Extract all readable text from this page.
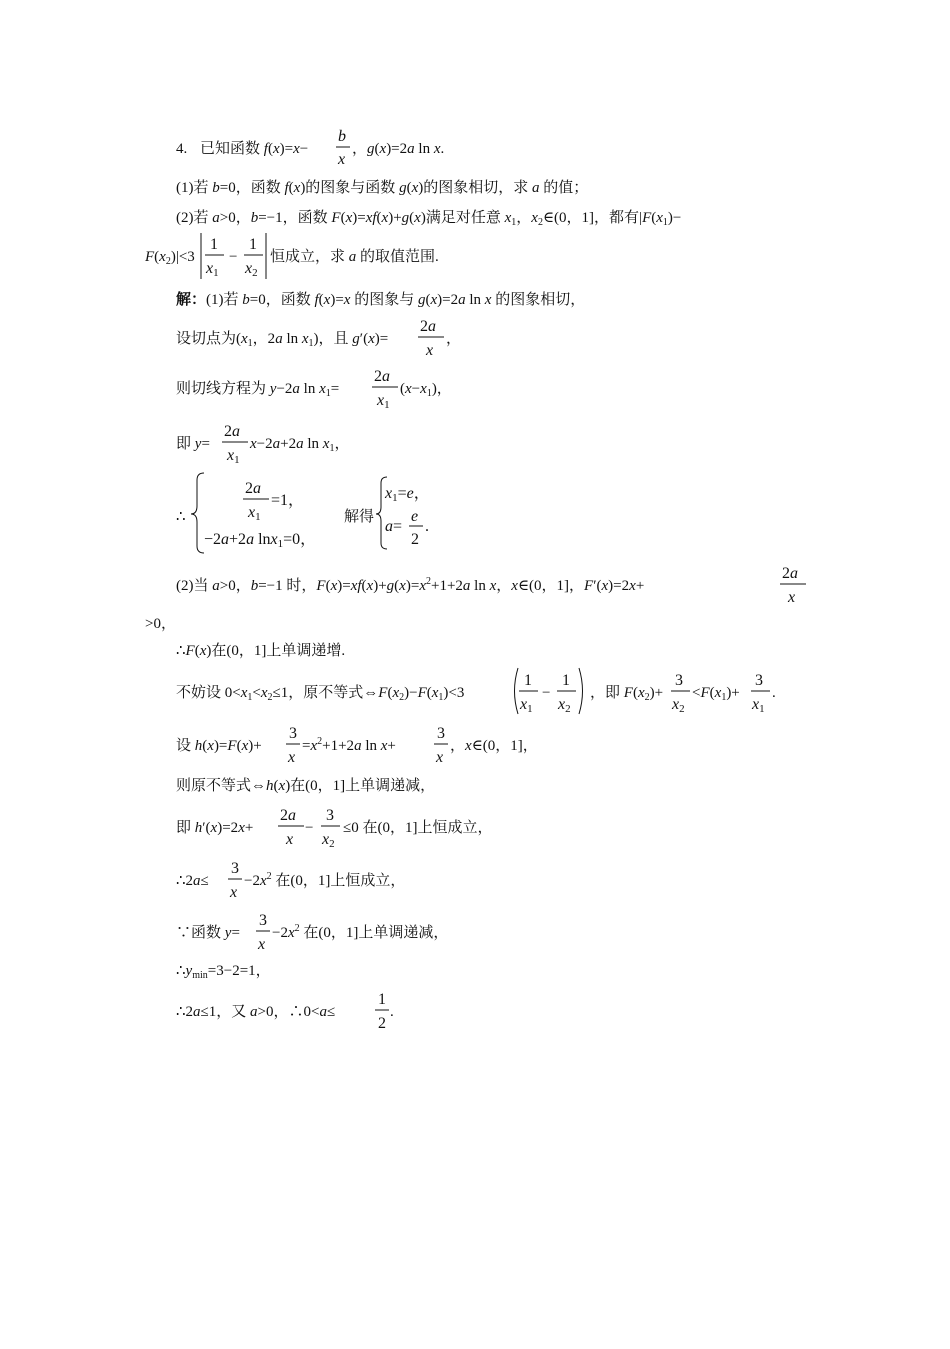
4. 已知函数 f(x)=x−
b
x
，g(x)=2a ln x.
(1)若 b=0，函数 f(x)的图象与函数 g(x)的图象相切，求 a 的值；
(2)若 a>0，b=−1，函数 F(x)=xf(x)+g(x)满足对任意 $x_1$，$x_2\in(0$，1]，都有$|F(x_1)-$
$F(x_2)|<3$
1
x1
−
1
x2
恒成立，求 a 的取值范围.
解：(1)若 b=0，函数 f(x)=x 的图象与 g(x)=2a ln x 的图象相切，
设切点为($x_1$，2a $\ln x_1$)，且 g′(x)=
2a
x
，
则切线方程为 y−2a $\ln x_1=$
2a
x1
$(x-x_1)$，
即 y=
2a
x1
x−2a+2a $\ln x_1$，
∴
2a
x1
=1，
−2a+2a lnx1=0，
解得
x1=e，
a=
e
2
.
(2)当 a>0，b=−1 时，$F(x)=xf(x)+g(x)=x^2+1+2a$ ln x，x∈(0，1]，F′(x)=2x+
2a
x
>0，
∴F(x)在(0，1]上单调递增.
不妨设 $0<x_1<x_2\le 1$，原不等式$\Leftrightarrow F(x_2)-F(x_1)<3$
1
x1
−
1
x2
，即 $F(x_2)+$
3
x2
$<F(x_1)+$
3
x1
.
设 h(x)=F(x)+
3
x
$=x^2+1+2a$ ln x+
3
x
，x∈(0，1]，
则原不等式⇔h(x)在(0，1]上单调递减，
即 h′(x)=2x+
2a
x
−
3
x2
≤0 在(0，1]上恒成立，
∴2a≤
3
x
$-2x^2$ 在(0，1]上恒成立，
∵函数 y=
3
x
$-2x^2$ 在(0，1]上单调递减，
$\therefore y_{min}=3-2=1$，
∴2a≤1，又 a>0，∴0<a≤
1
2
.
